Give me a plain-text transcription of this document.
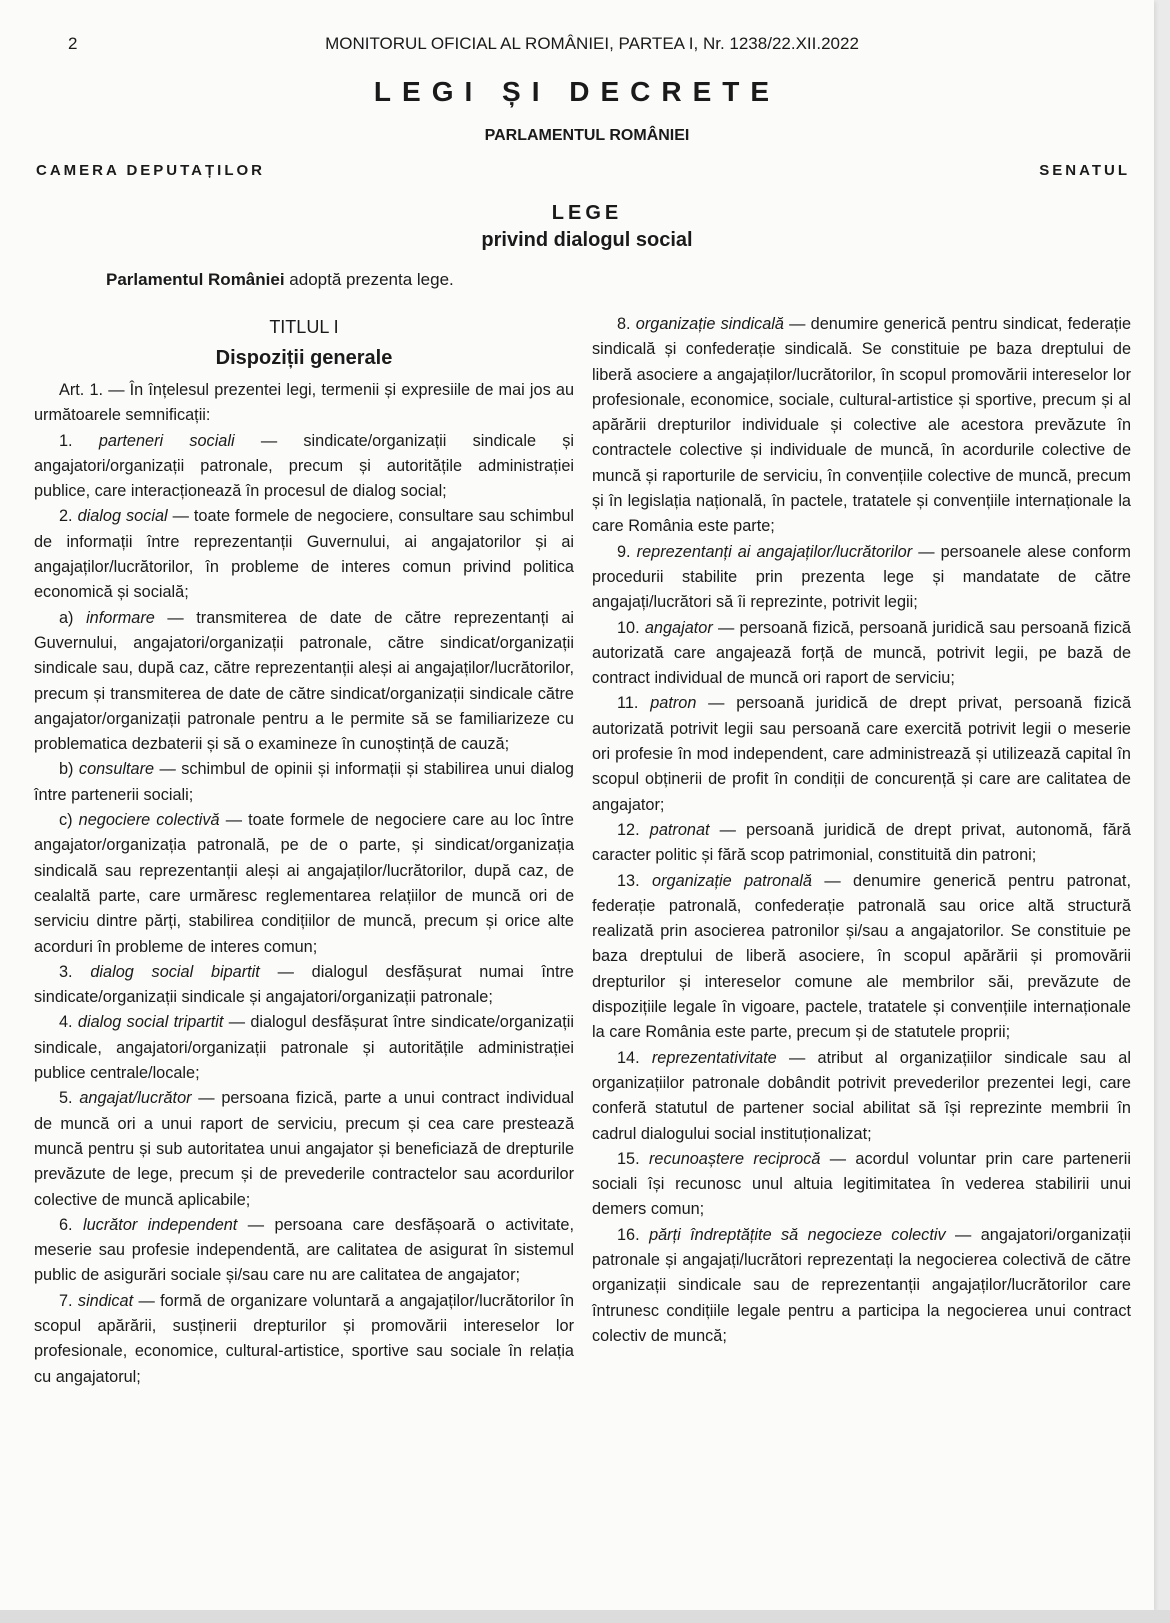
2	MONITORUL OFICIAL AL ROMÂNIEI, PARTEA I, Nr. 1238/22.XII.2022
LEGI ȘI DECRETE
PARLAMENTUL ROMÂNIEI
CAMERA DEPUTAȚILOR	SENATUL
LEGE
privind dialogul social
Parlamentul României adoptă prezenta lege.
TITLUL I
Dispoziții generale

Art. 1. — În înțelesul prezentei legi, termenii și expresiile de mai jos au următoarele semnificații:

1. parteneri sociali — sindicate/organizații sindicale și angajatori/organizații patronale, precum și autoritățile administrației publice, care interacționează în procesul de dialog social;

2. dialog social — toate formele de negociere, consultare sau schimbul de informații între reprezentanții Guvernului, ai angajatorilor și ai angajaților/lucrătorilor, în probleme de interes comun privind politica economică și socială;

a) informare — transmiterea de date de către reprezentanți ai Guvernului, angajatori/organizații patronale, către sindicat/organizații sindicale sau, după caz, către reprezentanții aleși ai angajaților/lucrătorilor, precum și transmiterea de date de către sindicat/organizații sindicale către angajator/organizații patronale pentru a le permite să se familiarizeze cu problematica dezbaterii și să o examineze în cunoștință de cauză;

b) consultare — schimbul de opinii și informații și stabilirea unui dialog între partenerii sociali;

c) negociere colectivă — toate formele de negociere care au loc între angajator/organizația patronală, pe de o parte, și sindicat/organizația sindicală sau reprezentanții aleși ai angajaților/lucrătorilor, după caz, de cealaltă parte, care urmăresc reglementarea relațiilor de muncă ori de serviciu dintre părți, stabilirea condițiilor de muncă, precum și orice alte acorduri în probleme de interes comun;

3. dialog social bipartit — dialogul desfășurat numai între sindicate/organizații sindicale și angajatori/organizații patronale;

4. dialog social tripartit — dialogul desfășurat între sindicate/organizații sindicale, angajatori/organizații patronale și autoritățile administrației publice centrale/locale;

5. angajat/lucrător — persoana fizică, parte a unui contract individual de muncă ori a unui raport de serviciu, precum și cea care prestează muncă pentru și sub autoritatea unui angajator și beneficiază de drepturile prevăzute de lege, precum și de prevederile contractelor sau acordurilor colective de muncă aplicabile;

6. lucrător independent — persoana care desfășoară o activitate, meserie sau profesie independentă, are calitatea de asigurat în sistemul public de asigurări sociale și/sau care nu are calitatea de angajator;

7. sindicat — formă de organizare voluntară a angajaților/lucrătorilor în scopul apărării, susținerii drepturilor și promovării intereselor lor profesionale, economice, cultural-artistice, sportive sau sociale în relația cu angajatorul;

8. organizație sindicală — denumire generică pentru sindicat, federație sindicală și confederație sindicală. Se constituie pe baza dreptului de liberă asociere a angajaților/lucrătorilor, în scopul promovării intereselor lor profesionale, economice, sociale, cultural-artistice și sportive, precum și al apărării drepturilor individuale și colective ale acestora prevăzute în contractele colective și individuale de muncă, în acordurile colective de muncă și raporturile de serviciu, în convențiile colective de muncă, precum și în legislația națională, în pactele, tratatele și convențiile internaționale la care România este parte;

9. reprezentanți ai angajaților/lucrătorilor — persoanele alese conform procedurii stabilite prin prezenta lege și mandatate de către angajați/lucrători să îi reprezinte, potrivit legii;

10. angajator — persoană fizică, persoană juridică sau persoană fizică autorizată care angajează forță de muncă, potrivit legii, pe bază de contract individual de muncă ori raport de serviciu;

11. patron — persoană juridică de drept privat, persoană fizică autorizată potrivit legii sau persoană care exercită potrivit legii o meserie ori profesie în mod independent, care administrează și utilizează capital în scopul obținerii de profit în condiții de concurență și care are calitatea de angajator;

12. patronat — persoană juridică de drept privat, autonomă, fără caracter politic și fără scop patrimonial, constituită din patroni;

13. organizație patronală — denumire generică pentru patronat, federație patronală, confederație patronală sau orice altă structură realizată prin asocierea patronilor și/sau a angajatorilor. Se constituie pe baza dreptului de liberă asociere, în scopul apărării și promovării drepturilor și intereselor comune ale membrilor săi, prevăzute de dispozițiile legale în vigoare, pactele, tratatele și convențiile internaționale la care România este parte, precum și de statutele proprii;

14. reprezentativitate — atribut al organizațiilor sindicale sau al organizațiilor patronale dobândit potrivit prevederilor prezentei legi, care conferă statutul de partener social abilitat să își reprezinte membrii în cadrul dialogului social instituționalizat;

15. recunoaștere reciprocă — acordul voluntar prin care partenerii sociali își recunosc unul altuia legitimitatea în vederea stabilirii unui demers comun;

16. părți îndreptățite să negocieze colectiv — angajatori/organizații patronale și angajați/lucrători reprezentați la negocierea colectivă de către organizații sindicale sau de reprezentanții angajaților/lucrătorilor care întrunesc condițiile legale pentru a participa la negocierea unui contract colectiv de muncă;
